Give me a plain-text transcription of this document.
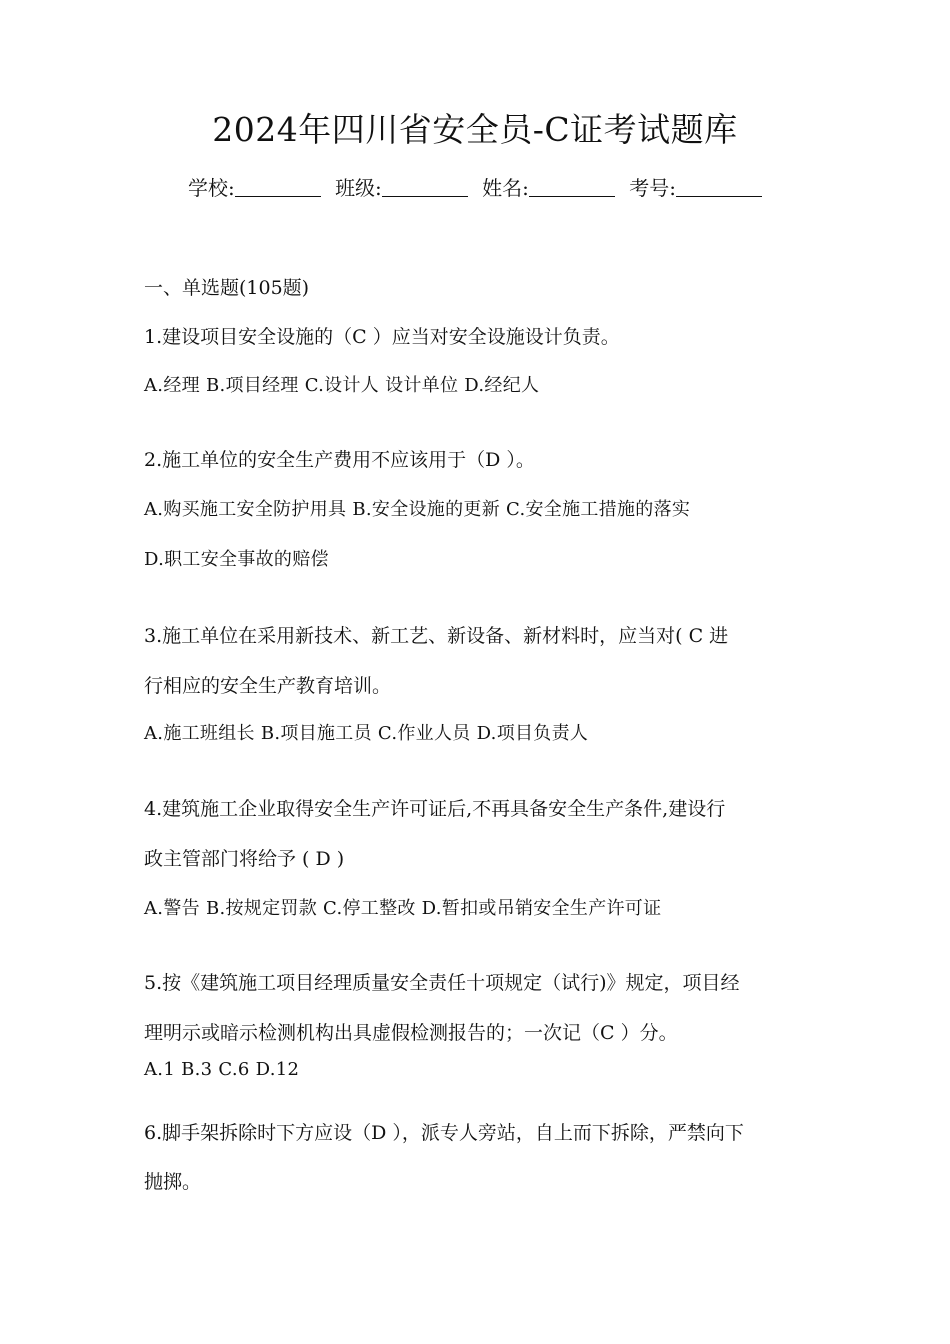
2024年四川省安全员-C证考试题库
学校:	班级:	姓名:	考号:
一、单选题(105题)
1.建设项目安全设施的（C ）应当对安全设施设计负责。
A.经理 B.项目经理 C.设计人 设计单位 D.经纪人
2.施工单位的安全生产费用不应该用于（D ）。
A.购买施工安全防护用具 B.安全设施的更新 C.安全施工措施的落实
D.职工安全事故的赔偿
3.施工单位在采用新技术、新工艺、新设备、新材料时，应当对( C 进
行相应的安全生产教育培训。
A.施工班组长 B.项目施工员 C.作业人员 D.项目负责人
4.建筑施工企业取得安全生产许可证后,不再具备安全生产条件,建设行
政主管部门将给予 ( D )
A.警告 B.按规定罚款 C.停工整改 D.暂扣或吊销安全生产许可证
5.按《建筑施工项目经理质量安全责任十项规定（试行)》规定，项目经
理明示或暗示检测机构出具虚假检测报告的；一次记（C ）分。
A.1 B.3 C.6 D.12
6.脚手架拆除时下方应设（D ），派专人旁站，自上而下拆除，严禁向下
抛掷。
